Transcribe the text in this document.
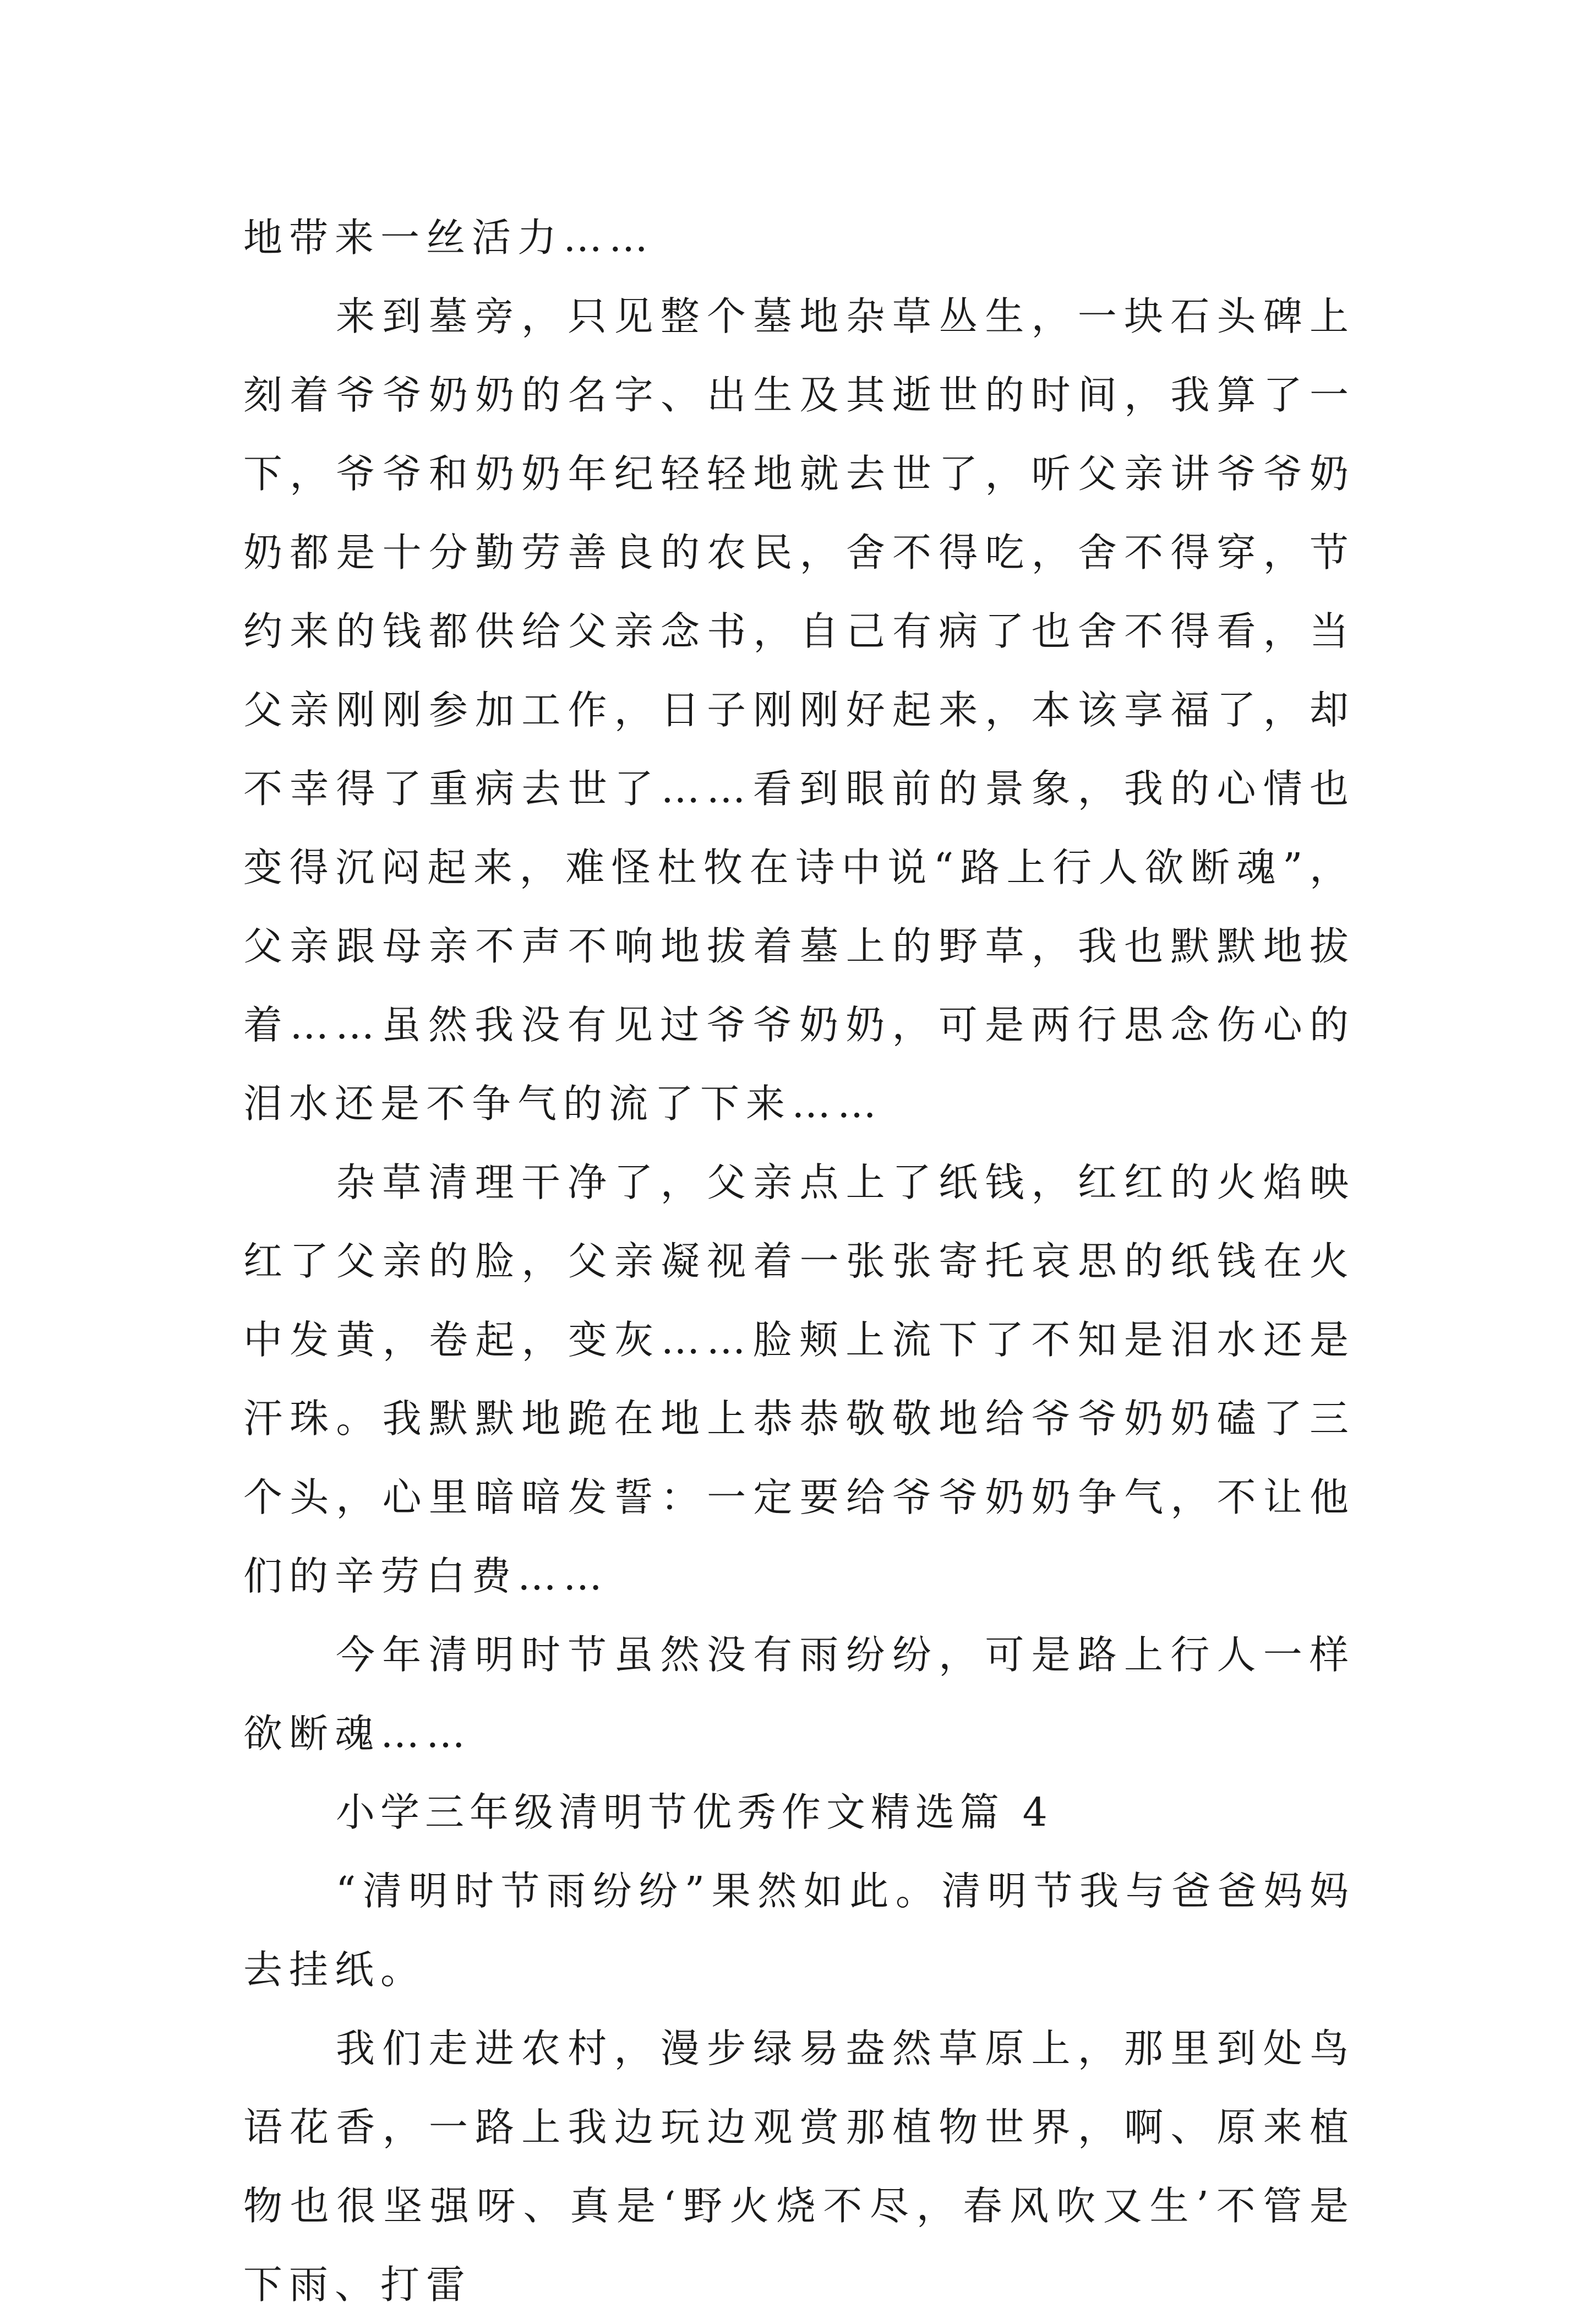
地带来一丝活力……

来到墓旁，只见整个墓地杂草丛生，一块石头碑上刻着爷爷奶奶的名字、出生及其逝世的时间，我算了一下，爷爷和奶奶年纪轻轻地就去世了，听父亲讲爷爷奶奶都是十分勤劳善良的农民，舍不得吃，舍不得穿，节约来的钱都供给父亲念书，自己有病了也舍不得看，当父亲刚刚参加工作，日子刚刚好起来，本该享福了，却不幸得了重病去世了……看到眼前的景象，我的心情也变得沉闷起来，难怪杜牧在诗中说“路上行人欲断魂”，父亲跟母亲不声不响地拔着墓上的野草，我也默默地拔着……虽然我没有见过爷爷奶奶，可是两行思念伤心的泪水还是不争气的流了下来……

杂草清理干净了，父亲点上了纸钱，红红的火焰映红了父亲的脸，父亲凝视着一张张寄托哀思的纸钱在火中发黄，卷起，变灰……脸颊上流下了不知是泪水还是汗珠。我默默地跪在地上恭恭敬敬地给爷爷奶奶磕了三个头，心里暗暗发誓：一定要给爷爷奶奶争气，不让他们的辛劳白费……

今年清明时节虽然没有雨纷纷，可是路上行人一样欲断魂……

小学三年级清明节优秀作文精选篇 4

“清明时节雨纷纷”果然如此。清明节我与爸爸妈妈去挂纸。

我们走进农村，漫步绿易盎然草原上，那里到处鸟语花香，一路上我边玩边观赏那植物世界，啊、原来植物也很坚强呀、真是‘野火烧不尽，春风吹又生’不管是下雨、打雷
